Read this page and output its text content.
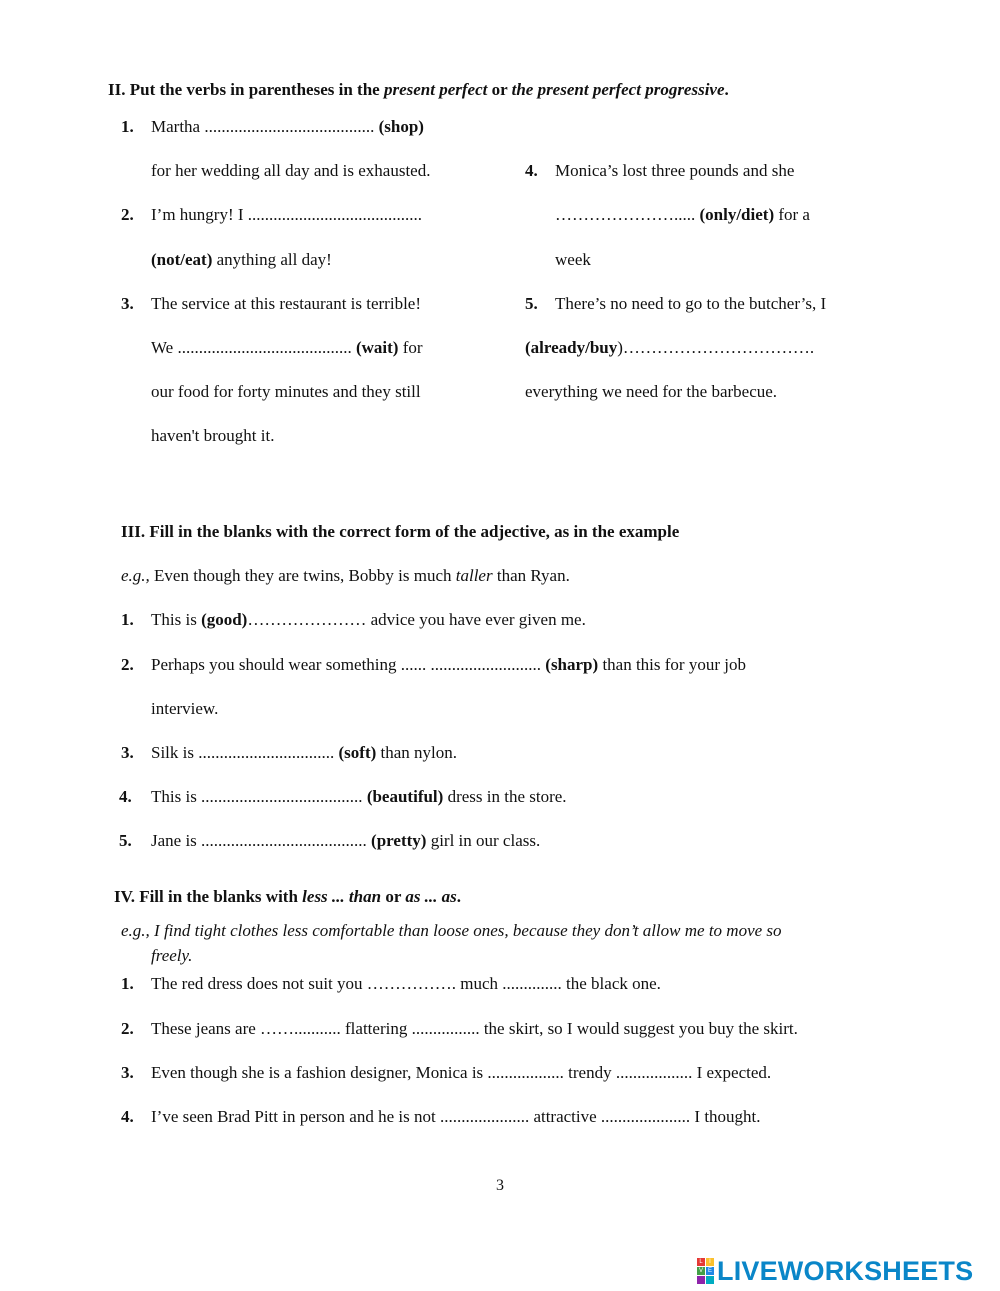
II. Put the verbs in parentheses in the present perfect or the present perfect progressive.
1. Martha ........................................ (shop)
for her wedding all day and is exhausted.
2. I’m hungry! I .........................................
(not/eat) anything all day!
3. The service at this restaurant is terrible!
We ......................................... (wait) for
our food for forty minutes and they still
haven't brought it.
4. Monica’s lost three pounds and she
…………………..... (only/diet) for a
week
5. There’s no need to go to the butcher’s, I
(already/buy)…………………………….
everything we need for the barbecue.
III. Fill in the blanks with the correct form of the adjective, as in the example
e.g., Even though they are twins, Bobby is much taller than Ryan.
1. This is (good)………………… advice you have ever given me.
2. Perhaps you should wear something ...... .......................... (sharp) than this for your job
interview.
3. Silk is ................................ (soft) than nylon.
4. This is ...................................... (beautiful) dress in the store.
5. Jane is ....................................... (pretty) girl in our class.
IV. Fill in the blanks with less ... than or as ... as.
e.g., I find tight clothes less comfortable than loose ones, because they don’t allow me to move so
freely.
1. The red dress does not suit you ……………. much .............. the black one.
2. These jeans are ……........... flattering ................ the skirt, so I would suggest you buy the skirt.
3. Even though she is a fashion designer, Monica is .................. trendy .................. I expected.
4. I’ve seen Brad Pitt in person and he is not ..................... attractive ..................... I thought.
3
L	I
V E LIVEWORKSHEETS
